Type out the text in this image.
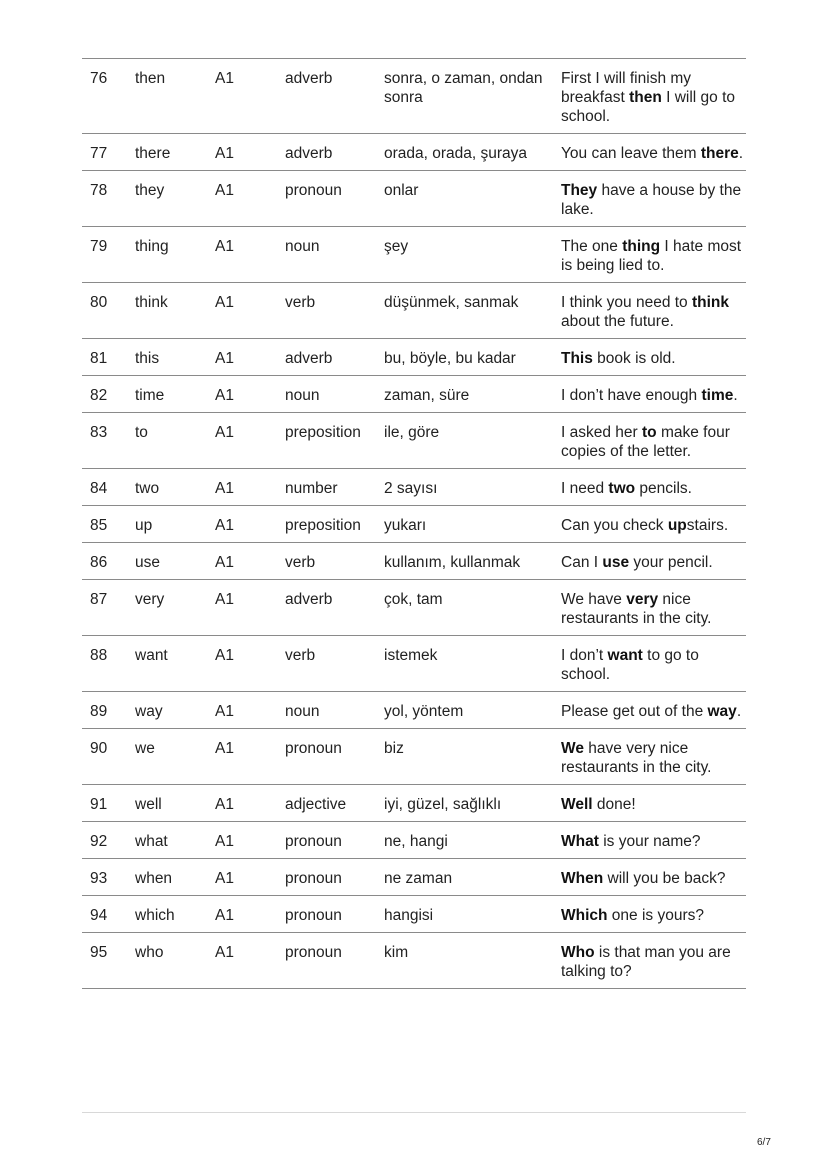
76	then	A1	adverb	sonra, o zaman, ondan sonra	First I will finish my breakfast then I will go to school.
77	there	A1	adverb	orada, orada, şuraya	You can leave them there.
78	they	A1	pronoun	onlar	They have a house by the lake.
79	thing	A1	noun	şey	The one thing I hate most is being lied to.
80	think	A1	verb	düşünmek, sanmak	I think you need to think about the future.
81	this	A1	adverb	bu, böyle, bu kadar	This book is old.
82	time	A1	noun	zaman, süre	I don’t have enough time.
83	to	A1	preposition	ile, göre	I asked her to make four copies of the letter.
84	two	A1	number	2 sayısı	I need two pencils.
85	up	A1	preposition	yukarı	Can you check upstairs.
86	use	A1	verb	kullanım, kullanmak	Can I use your pencil.
87	very	A1	adverb	çok, tam	We have very nice restaurants in the city.
88	want	A1	verb	istemek	I don’t want to go to school.
89	way	A1	noun	yol, yöntem	Please get out of the way.
90	we	A1	pronoun	biz	We have very nice restaurants in the city.
91	well	A1	adjective	iyi, güzel, sağlıklı	Well done!
92	what	A1	pronoun	ne, hangi	What is your name?
93	when	A1	pronoun	ne zaman	When will you be back?
94	which	A1	pronoun	hangisi	Which one is yours?
95	who	A1	pronoun	kim	Who is that man you are talking to?
6/7
